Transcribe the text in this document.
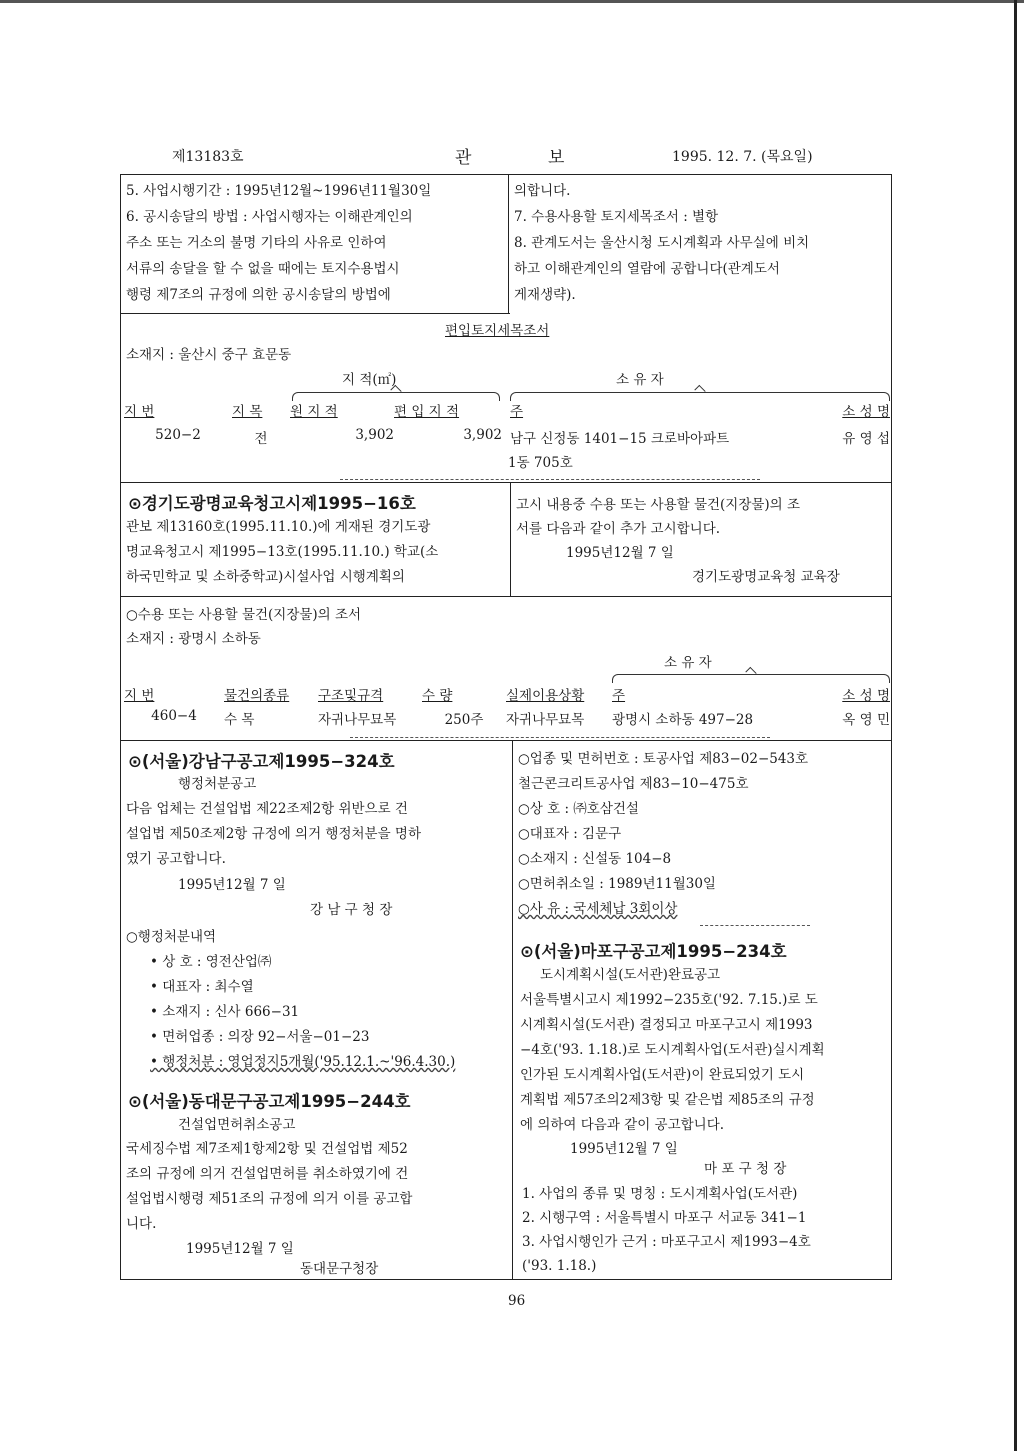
제13183호	관	보	1995. 12. 7. (목요일)
5. 사업시행기간 : 1995년12월~1996년11월30일
6. 공시송달의 방법 : 사업시행자는 이해관계인의
주소 또는 거소의 불명 기타의 사유로 인하여
서류의 송달을 할 수 없을 때에는 토지수용법시
행령 제7조의 규정에 의한 공시송달의 방법에
의합니다.
7. 수용사용할 토지세목조서 : 별항
8. 관계도서는 울산시청 도시계획과 사무실에 비치
하고 이해관계인의 열람에 공합니다(관계도서
게재생략).
편입토지세목조서
소재지 : 울산시 중구 효문동
지 적(㎡)	소 유 자
지 번	지 목	원 지 적	편 입 지 적	주	소 성 명
520−2	전	3,902	3,902 남구 신정동 1401−15 크로바아파트	유 영 섭
1동 705호
⊙경기도광명교육청고시제1995−16호
관보 제13160호(1995.11.10.)에 게재된 경기도광
명교육청고시 제1995−13호(1995.11.10.) 학교(소
하국민학교 및 소하중학교)시설사업 시행계획의
고시 내용중 수용 또는 사용할 물건(지장물)의 조
서를 다음과 같이 추가 고시합니다.
1995년12월 7 일
경기도광명교육청 교육장
○수용 또는 사용할 물건(지장물)의 조서
소재지 : 광명시 소하동
소 유 자
지 번	물건의종류	구조및규격	수 량	실제이용상황	주	소 성 명
460−4	수 목	자귀나무묘목	250주	자귀나무묘목	광명시 소하동 497−28	옥 영 민
⊙(서울)강남구공고제1995−324호
행정처분공고
다음 업체는 건설업법 제22조제2항 위반으로 건
설업법 제50조제2항 규정에 의거 행정처분을 명하
였기 공고합니다.
1995년12월 7 일
강 남 구 청 장
○행정처분내역
• 상 호 : 영전산업㈜
• 대표자 : 최수열
• 소재지 : 신사 666−31
• 면허업종 : 의장 92−서울−01−23
• 행정처분 : 영업정지5개월('95.12.1.~'96.4.30.)
○업종 및 면허번호 : 토공사업 제83−02−543호
철근콘크리트공사업 제83−10−475호
○상 호 : ㈜호삼건설
○대표자 : 김문구
○소재지 : 신설동 104−8
○면허취소일 : 1989년11월30일
○사 유 : 국세체납 3회이상
⊙(서울)동대문구공고제1995−244호
건설업면허취소공고
국세징수법 제7조제1항제2항 및 건설업법 제52
조의 규정에 의거 건설업면허를 취소하였기에 건
설업법시행령 제51조의 규정에 의거 이를 공고합
니다.
1995년12월 7 일
동대문구청장
⊙(서울)마포구공고제1995−234호
도시계획시설(도서관)완료공고
서울특별시고시 제1992−235호('92. 7.15.)로 도
시계획시설(도서관) 결정되고 마포구고시 제1993
−4호('93. 1.18.)로 도시계획사업(도서관)실시계획
인가된 도시계획사업(도서관)이 완료되었기 도시
계획법 제57조의2제3항 및 같은법 제85조의 규정
에 의하여 다음과 같이 공고합니다.
1995년12월 7 일
마 포 구 청 장
1. 사업의 종류 및 명칭 : 도시계획사업(도서관)
2. 시행구역 : 서울특별시 마포구 서교동 341−1
3. 사업시행인가 근거 : 마포구고시 제1993−4호
('93. 1.18.)
96
